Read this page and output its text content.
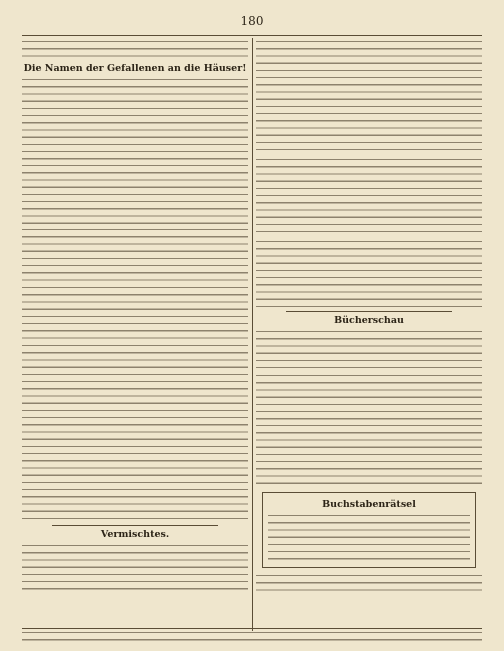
180
Die Namen der Gefallenen an die Häuser!
Vermischtes.
Bücherschau
Buchstabenrätsel
